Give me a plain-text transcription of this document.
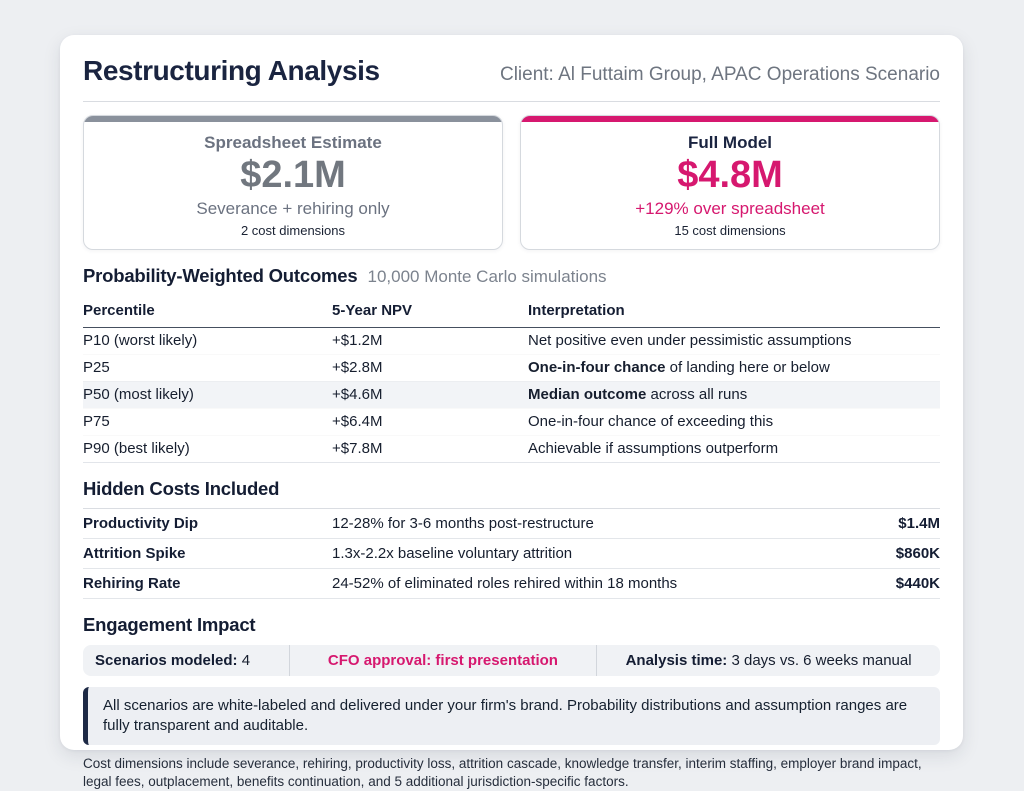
Restructuring Analysis	Client: Al Futtaim Group, APAC Operations Scenario
Spreadsheet Estimate
$2.1M
Severance + rehiring only
2 cost dimensions
Full Model
$4.8M
+129% over spreadsheet
15 cost dimensions
Probability-Weighted Outcomes 10,000 Monte Carlo simulations
Percentile	5-Year NPV	Interpretation
P10 (worst likely)	+$1.2M	Net positive even under pessimistic assumptions
P25	+$2.8M	One-in-four chance of landing here or below
P50 (most likely)	+$4.6M	Median outcome across all runs
P75	+$6.4M	One-in-four chance of exceeding this
P90 (best likely)	+$7.8M	Achievable if assumptions outperform
Hidden Costs Included
Productivity Dip	12-28% for 3-6 months post-restructure	$1.4M
Attrition Spike	1.3x-2.2x baseline voluntary attrition	$860K
Rehiring Rate	24-52% of eliminated roles rehired within 18 months	$440K
Engagement Impact
Scenarios modeled: 4	CFO approval: first presentation	Analysis time: 3 days vs. 6 weeks manual

All scenarios are white-labeled and delivered under your firm's brand. Probability distributions and assumption ranges are fully transparent and auditable.

Cost dimensions include severance, rehiring, productivity loss, attrition cascade, knowledge transfer, interim staffing, employer brand impact, legal fees, outplacement, benefits continuation, and 5 additional jurisdiction-specific factors.
